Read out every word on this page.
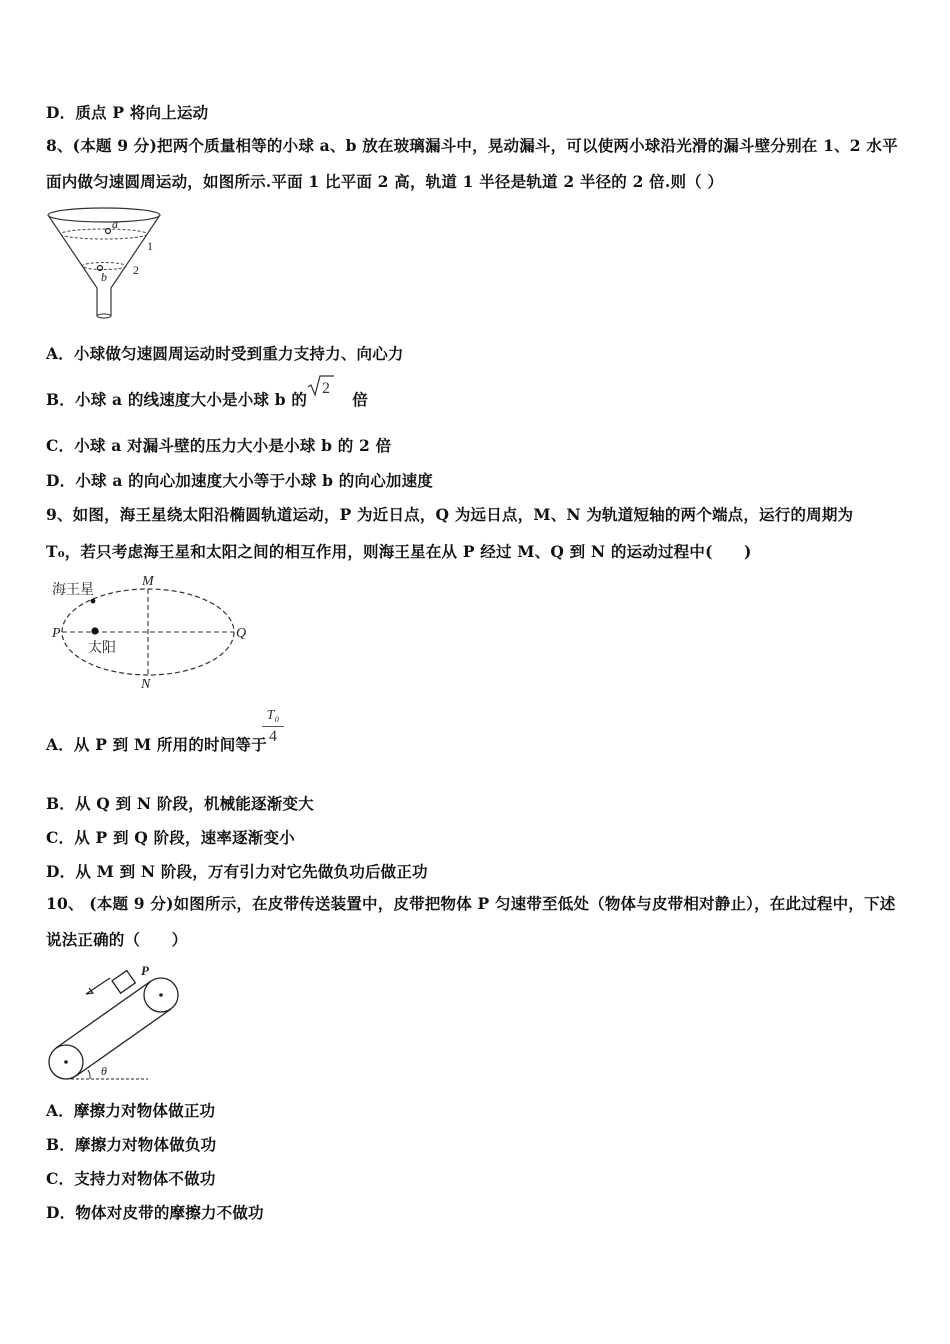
D．质点 P 将向上运动
8、(本题 9 分)把两个质量相等的小球 a、b 放在玻璃漏斗中，晃动漏斗，可以使两小球沿光滑的漏斗壁分别在 1、2 水平面内做匀速圆周运动，如图所示.平面 1 比平面 2 高，轨道 1 半径是轨道 2 半径的 2 倍.则（ ）
a
b
1
2
A．小球做匀速圆周运动时受到重力支持力、向心力
B．小球 a 的线速度大小是小球 b 的	倍
2
C．小球 a 对漏斗壁的压力大小是小球 b 的 2 倍
D．小球 a 的向心加速度大小等于小球 b 的向心加速度
9、如图，海王星绕太阳沿椭圆轨道运动，P 为近日点，Q 为远日点，M、N 为轨道短轴的两个端点，运行的周期为
T₀，若只考虑海王星和太阳之间的相互作用，则海王星在从 P 经过 M、Q 到 N 的运动过程中(　　)
海王星
太阳
M
N
P	Q
A．从 P 到 M 所用的时间等于
T₀
4
B．从 Q 到 N 阶段，机械能逐渐变大
C．从 P 到 Q 阶段，速率逐渐变小
D．从 M 到 N 阶段，万有引力对它先做负功后做正功
10、 (本题 9 分)如图所示，在皮带传送装置中，皮带把物体 P 匀速带至低处（物体与皮带相对静止），在此过程中，下述说法正确的（　　）
P
θ
A．摩擦力对物体做正功
B．摩擦力对物体做负功
C．支持力对物体不做功
D．物体对皮带的摩擦力不做功
